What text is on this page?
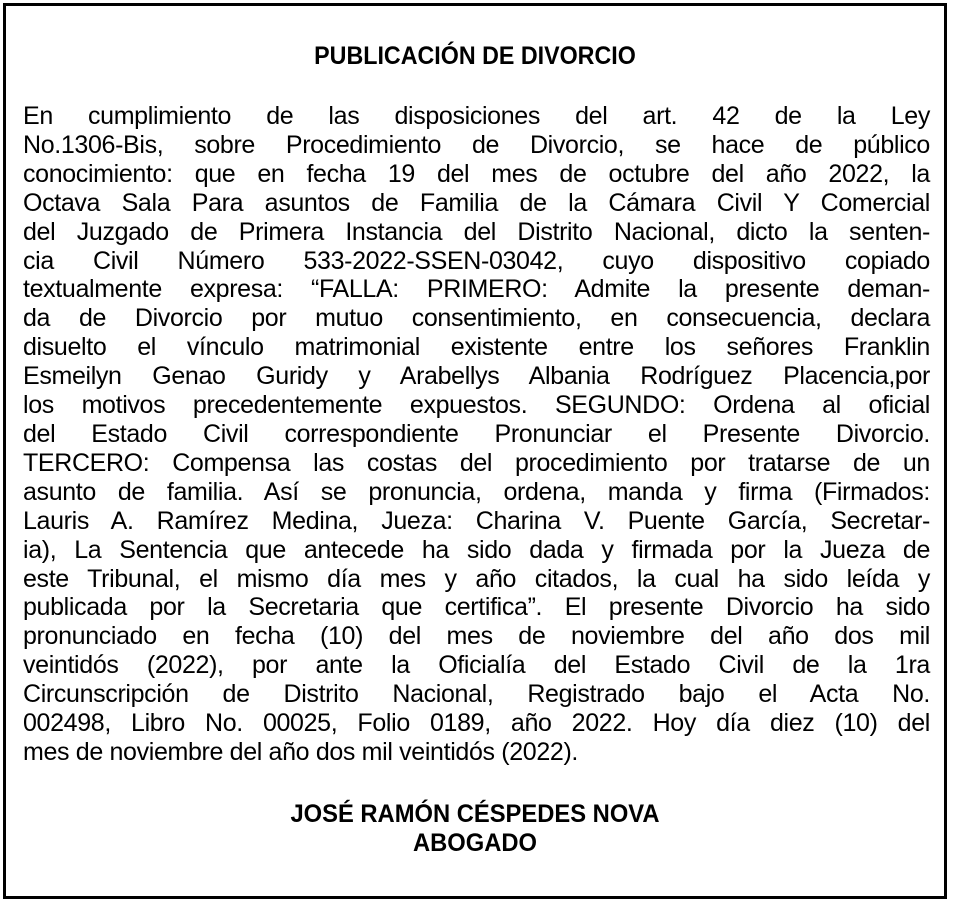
PUBLICACIÓN DE DIVORCIO
En cumplimiento de las disposiciones del art. 42 de la Ley
No.1306-Bis, sobre Procedimiento de Divorcio, se hace de público
conocimiento: que en fecha 19 del mes de octubre del año 2022, la
Octava Sala Para asuntos de Familia de la Cámara Civil Y Comercial
del Juzgado de Primera Instancia del Distrito Nacional, dicto la senten-
cia Civil Número 533-2022-SSEN-03042, cuyo dispositivo copiado
textualmente expresa: “FALLA: PRIMERO: Admite la presente deman-
da de Divorcio por mutuo consentimiento, en consecuencia, declara
disuelto el vínculo matrimonial existente entre los señores Franklin
Esmeilyn Genao Guridy y Arabellys Albania Rodríguez Placencia,por
los motivos precedentemente expuestos. SEGUNDO: Ordena al oficial
del Estado Civil correspondiente Pronunciar el Presente Divorcio.
TERCERO: Compensa las costas del procedimiento por tratarse de un
asunto de familia. Así se pronuncia, ordena, manda y firma (Firmados:
Lauris A. Ramírez Medina, Jueza: Charina V. Puente García, Secretar-
ia), La Sentencia que antecede ha sido dada y firmada por la Jueza de
este Tribunal, el mismo día mes y año citados, la cual ha sido leída y
publicada por la Secretaria que certifica”. El presente Divorcio ha sido
pronunciado en fecha (10) del mes de noviembre del año dos mil
veintidós (2022), por ante la Oficialía del Estado Civil de la 1ra
Circunscripción de Distrito Nacional, Registrado bajo el Acta No.
002498, Libro No. 00025, Folio 0189, año 2022. Hoy día diez (10) del
mes de noviembre del año dos mil veintidós (2022).
JOSÉ RAMÓN CÉSPEDES NOVA
ABOGADO
